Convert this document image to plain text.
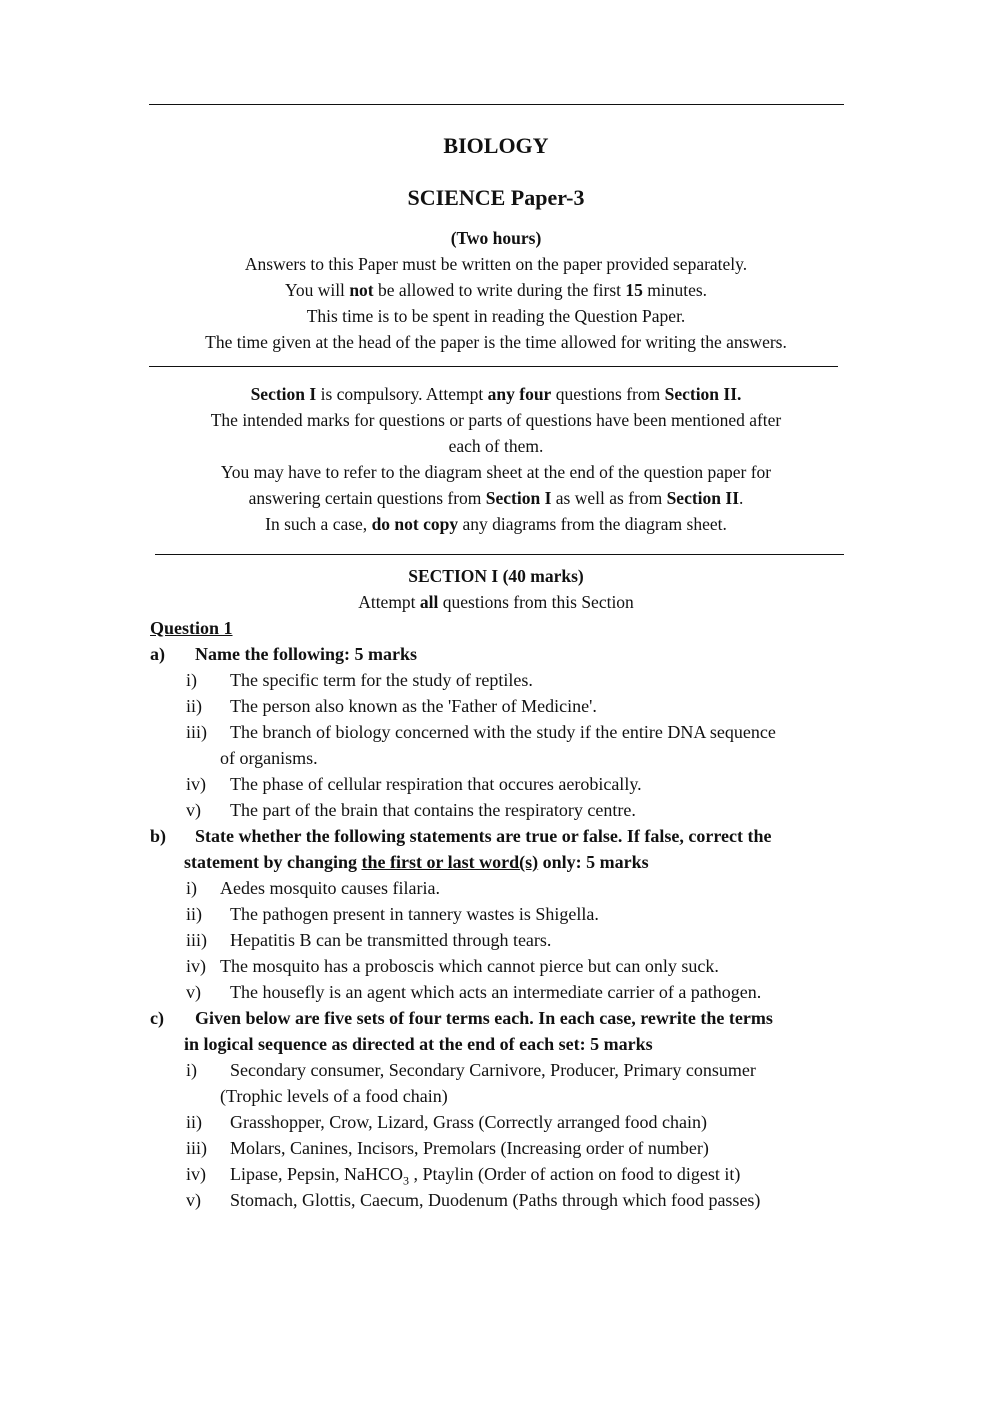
BIOLOGY
SCIENCE Paper-3
(Two hours)
Answers to this Paper must be written on the paper provided separately.
You will not be allowed to write during the first 15 minutes.
This time is to be spent in reading the Question Paper.
The time given at the head of the paper is the time allowed for writing the answers.
Section I is compulsory. Attempt any four questions from Section II.
The intended marks for questions or parts of questions have been mentioned after
each of them.
You may have to refer to the diagram sheet at the end of the question paper for
answering certain questions from Section I as well as from Section II.
In such a case, do not copy any diagrams from the diagram sheet.
SECTION I (40 marks)
Attempt all questions from this Section
Question 1
a) Name the following: 5 marks
i) The specific term for the study of reptiles.
ii) The person also known as the 'Father of Medicine'.
iii) The branch of biology concerned with the study if the entire DNA sequence
of organisms.
iv) The phase of cellular respiration that occures aerobically.
v) The part of the brain that contains the respiratory centre.
b) State whether the following statements are true or false. If false, correct the
statement by changing the first or last word(s) only: 5 marks
i) Aedes mosquito causes filaria.
ii) The pathogen present in tannery wastes is Shigella.
iii) Hepatitis B can be transmitted through tears.
iv) The mosquito has a proboscis which cannot pierce but can only suck.
v) The housefly is an agent which acts an intermediate carrier of a pathogen.
c) Given below are five sets of four terms each. In each case, rewrite the terms
in logical sequence as directed at the end of each set: 5 marks
i) Secondary consumer, Secondary Carnivore, Producer, Primary consumer
(Trophic levels of a food chain)
ii) Grasshopper, Crow, Lizard, Grass (Correctly arranged food chain)
iii) Molars, Canines, Incisors, Premolars (Increasing order of number)
iv) Lipase, Pepsin, NaHCO$_3$ , Ptaylin (Order of action on food to digest it)
v) Stomach, Glottis, Caecum, Duodenum (Paths through which food passes)
